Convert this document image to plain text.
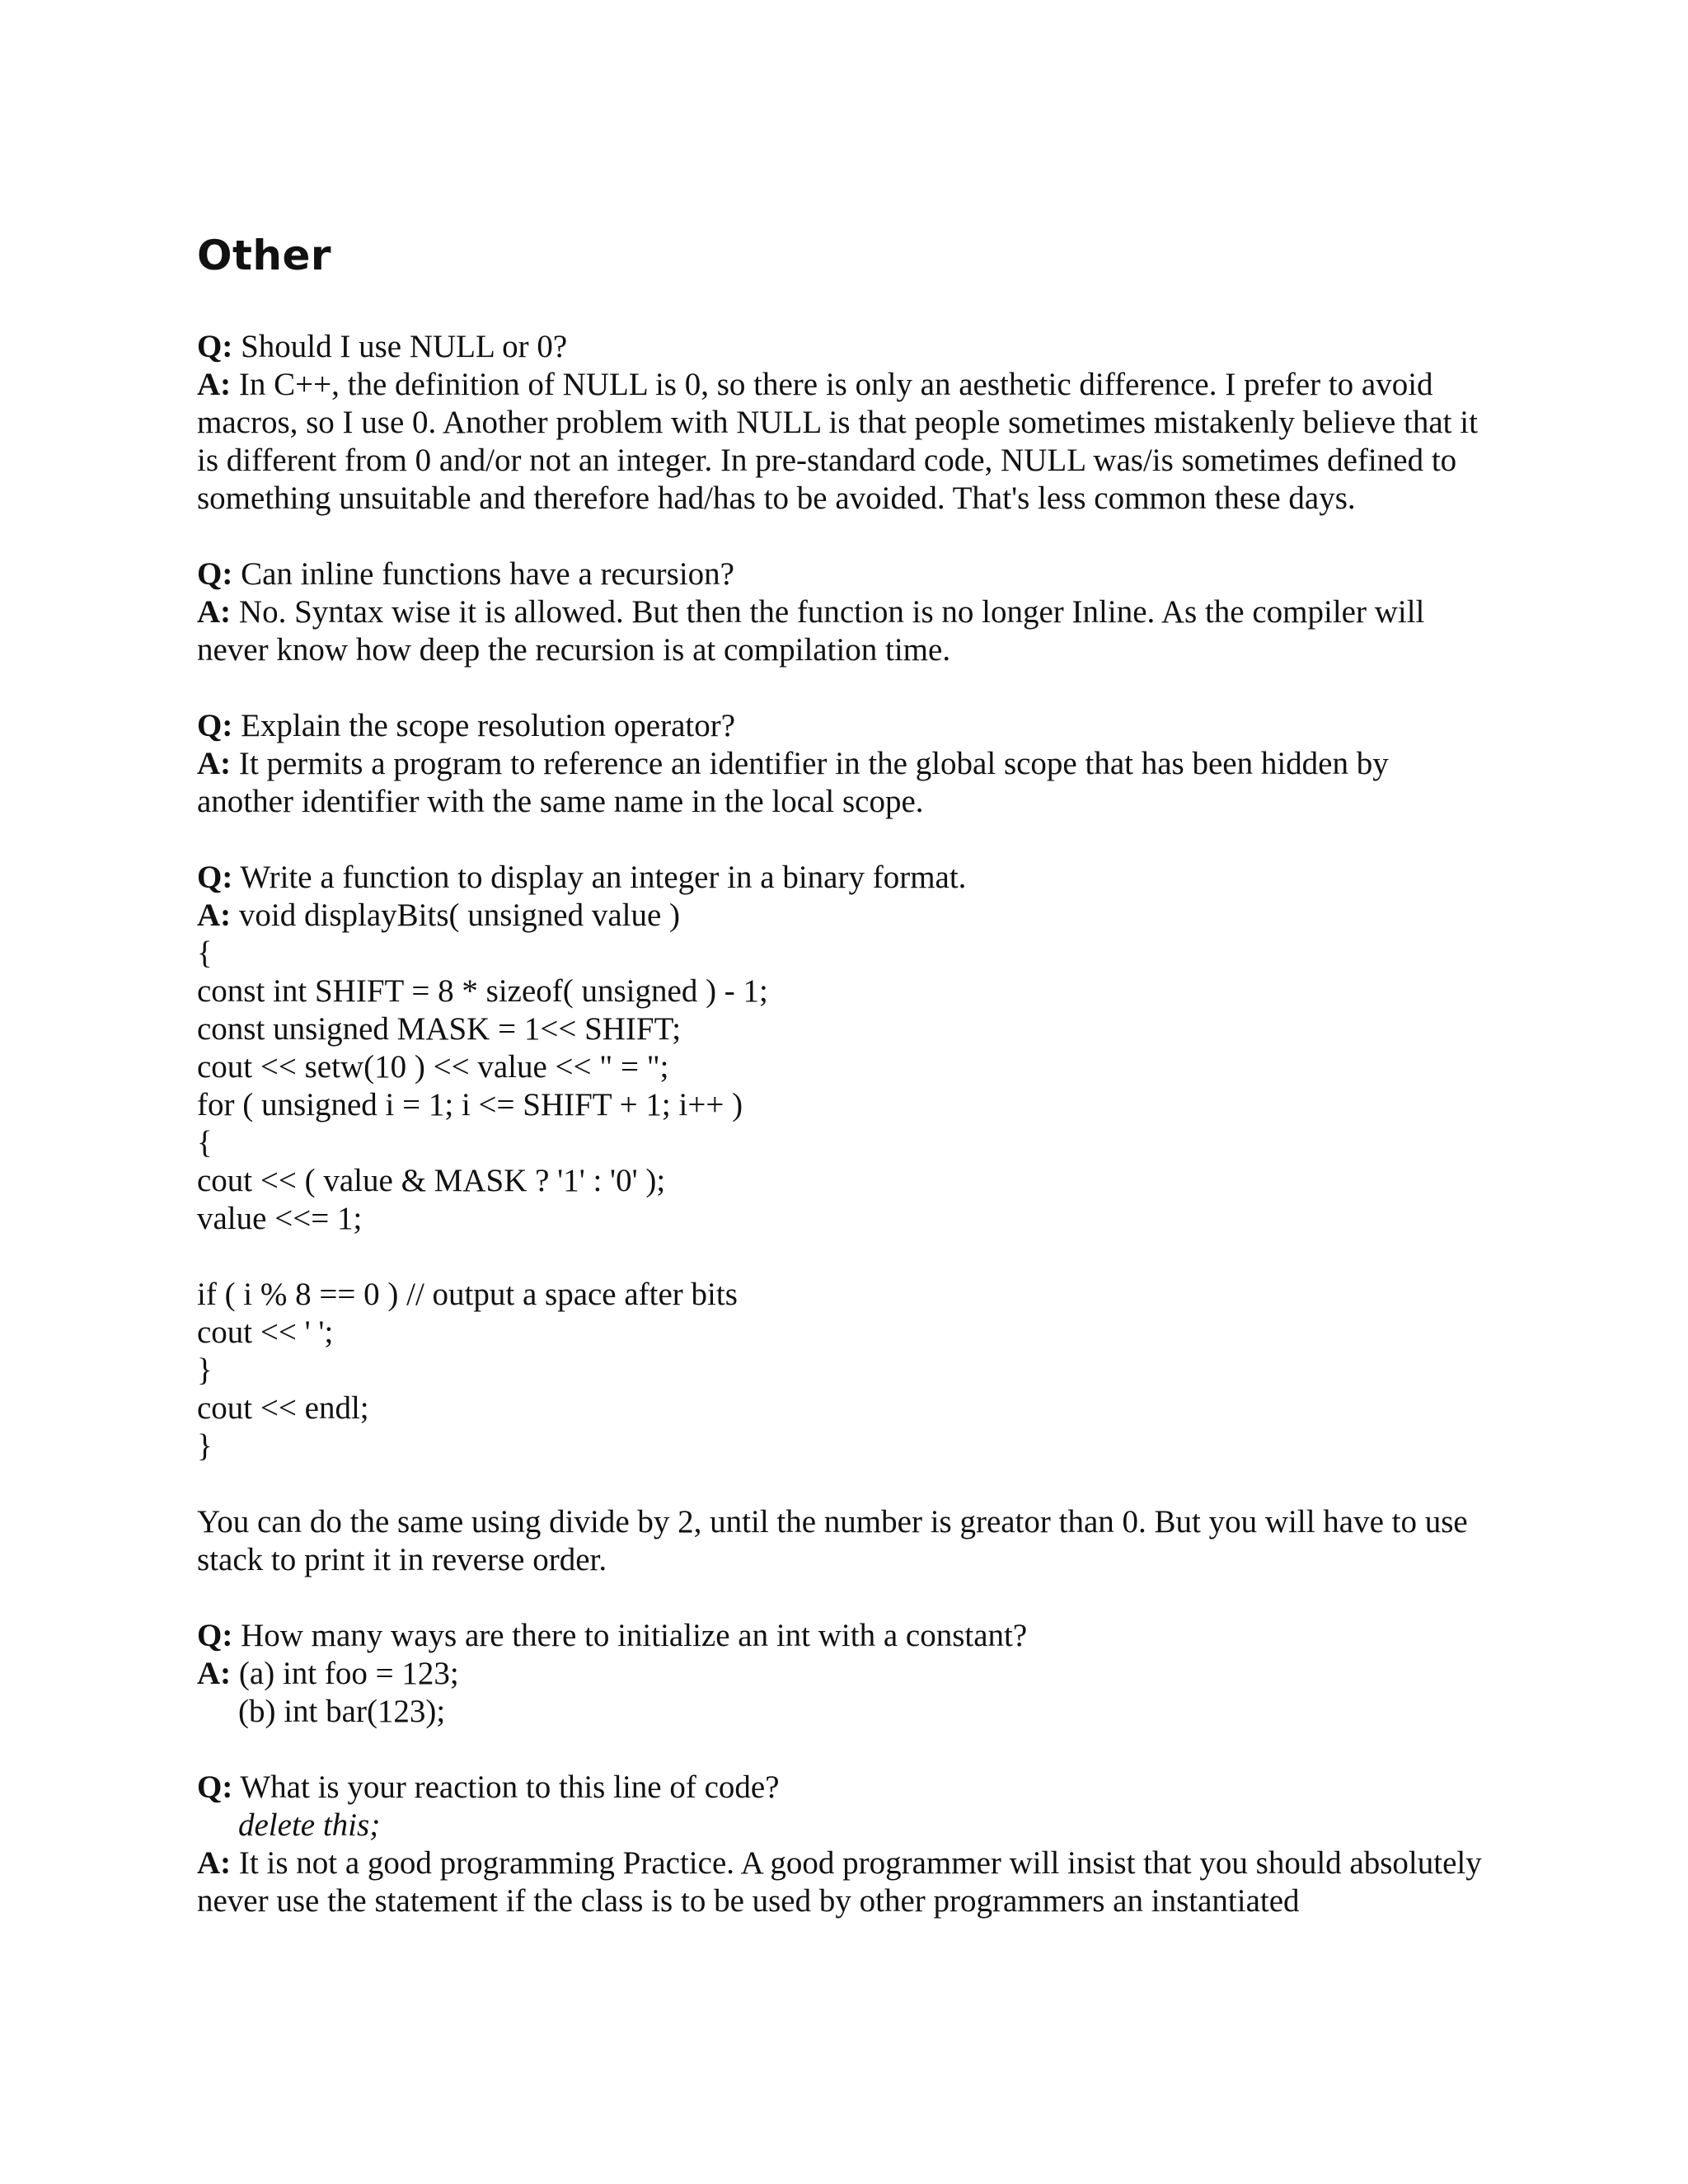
Other
Q: Should I use NULL or 0?
A: In C++, the definition of NULL is 0, so there is only an aesthetic difference. I prefer to avoid macros, so I use 0. Another problem with NULL is that people sometimes mistakenly believe that it is different from 0 and/or not an integer. In pre-standard code, NULL was/is sometimes defined to something unsuitable and therefore had/has to be avoided. That's less common these days.
Q: Can inline functions have a recursion?
A: No. Syntax wise it is allowed. But then the function is no longer Inline. As the compiler will never know how deep the recursion is at compilation time.
Q: Explain the scope resolution operator?
A: It permits a program to reference an identifier in the global scope that has been hidden by another identifier with the same name in the local scope.
Q: Write a function to display an integer in a binary format.
A: void displayBits( unsigned value )
{
const int SHIFT = 8 * sizeof( unsigned ) - 1;
const unsigned MASK = 1<< SHIFT;
cout << setw(10 ) << value << " = ";
for ( unsigned i = 1; i <= SHIFT + 1; i++ )
{
cout << ( value & MASK ? '1' : '0' );
value <<= 1;
if ( i % 8 == 0 ) // output a space after bits
cout << ' ';
}
cout << endl;
}
You can do the same using divide by 2, until the number is greator than 0. But you will have to use stack to print it in reverse order.
Q: How many ways are there to initialize an int with a constant?
A: (a) int foo = 123;
(b) int bar(123);
Q: What is your reaction to this line of code?
delete this;
A: It is not a good programming Practice. A good programmer will insist that you should absolutely never use the statement if the class is to be used by other programmers an instantiated
